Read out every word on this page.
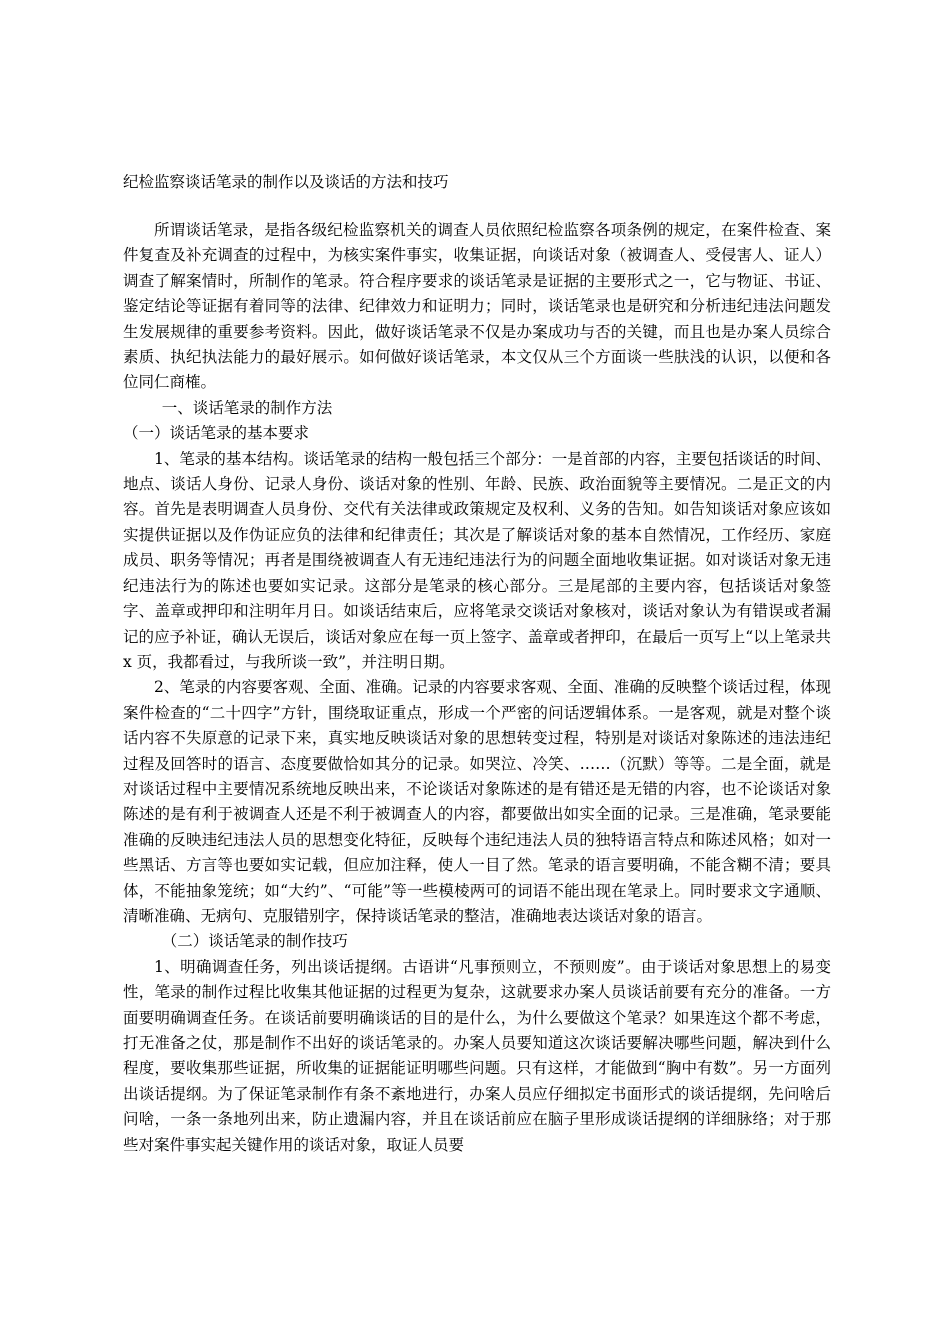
纪检监察谈话笔录的制作以及谈话的方法和技巧

所谓谈话笔录，是指各级纪检监察机关的调查人员依照纪检监察各项条例的规定，在案件检查、案件复查及补充调查的过程中，为核实案件事实，收集证据，向谈话对象（被调查人、受侵害人、证人）调查了解案情时，所制作的笔录。符合程序要求的谈话笔录是证据的主要形式之一，它与物证、书证、鉴定结论等证据有着同等的法律、纪律效力和证明力；同时，谈话笔录也是研究和分析违纪违法问题发生发展规律的重要参考资料。因此，做好谈话笔录不仅是办案成功与否的关键，而且也是办案人员综合素质、执纪执法能力的最好展示。如何做好谈话笔录，本文仅从三个方面谈一些肤浅的认识，以便和各位同仁商榷。

一、谈话笔录的制作方法

（一）谈话笔录的基本要求

1、笔录的基本结构。谈话笔录的结构一般包括三个部分：一是首部的内容，主要包括谈话的时间、地点、谈话人身份、记录人身份、谈话对象的性别、年龄、民族、政治面貌等主要情况。二是正文的内容。首先是表明调查人员身份、交代有关法律或政策规定及权利、义务的告知。如告知谈话对象应该如实提供证据以及作伪证应负的法律和纪律责任；其次是了解谈话对象的基本自然情况，工作经历、家庭成员、职务等情况；再者是围绕被调查人有无违纪违法行为的问题全面地收集证据。如对谈话对象无违纪违法行为的陈述也要如实记录。这部分是笔录的核心部分。三是尾部的主要内容，包括谈话对象签字、盖章或押印和注明年月日。如谈话结束后，应将笔录交谈话对象核对，谈话对象认为有错误或者漏记的应予补证，确认无误后，谈话对象应在每一页上签字、盖章或者押印，在最后一页写上“以上笔录共 x 页，我都看过，与我所谈一致”，并注明日期。

2、笔录的内容要客观、全面、准确。记录的内容要求客观、全面、准确的反映整个谈话过程，体现案件检查的“二十四字”方针，围绕取证重点，形成一个严密的问话逻辑体系。一是客观，就是对整个谈话内容不失原意的记录下来，真实地反映谈话对象的思想转变过程，特别是对谈话对象陈述的违法违纪过程及回答时的语言、态度要做恰如其分的记录。如哭泣、冷笑、……（沉默）等等。二是全面，就是对谈话过程中主要情况系统地反映出来，不论谈话对象陈述的是有错还是无错的内容，也不论谈话对象陈述的是有利于被调查人还是不利于被调查人的内容，都要做出如实全面的记录。三是准确，笔录要能准确的反映违纪违法人员的思想变化特征，反映每个违纪违法人员的独特语言特点和陈述风格；如对一些黑话、方言等也要如实记载，但应加注释，使人一目了然。笔录的语言要明确，不能含糊不清；要具体，不能抽象笼统；如“大约”、“可能”等一些模棱两可的词语不能出现在笔录上。同时要求文字通顺、清晰准确、无病句、克服错别字，保持谈话笔录的整洁，准确地表达谈话对象的语言。

（二）谈话笔录的制作技巧

1、明确调查任务，列出谈话提纲。古语讲“凡事预则立，不预则废”。由于谈话对象思想上的易变性，笔录的制作过程比收集其他证据的过程更为复杂，这就要求办案人员谈话前要有充分的准备。一方面要明确调查任务。在谈话前要明确谈话的目的是什么，为什么要做这个笔录？如果连这个都不考虑，打无准备之仗，那是制作不出好的谈话笔录的。办案人员要知道这次谈话要解决哪些问题，解决到什么程度，要收集那些证据，所收集的证据能证明哪些问题。只有这样，才能做到“胸中有数”。另一方面列出谈话提纲。为了保证笔录制作有条不紊地进行，办案人员应仔细拟定书面形式的谈话提纲，先问啥后问啥，一条一条地列出来，防止遗漏内容，并且在谈话前应在脑子里形成谈话提纲的详细脉络；对于那些对案件事实起关键作用的谈话对象，取证人员要
